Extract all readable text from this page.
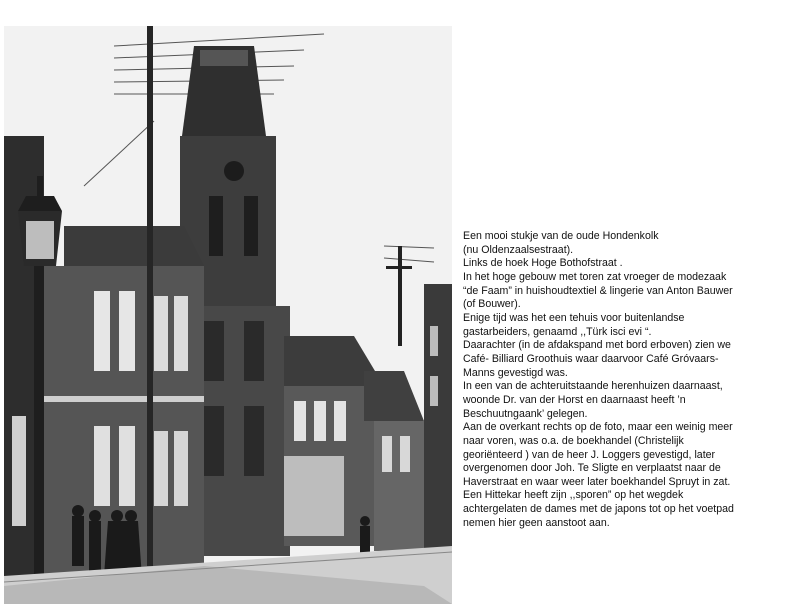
Een mooi stukje van de oude Hondenkolk
(nu Oldenzaalsestraat).
Links de hoek Hoge Bothofstraat .
In het hoge gebouw met toren zat vroeger de modezaak
“de Faam” in huishoudtextiel & lingerie van Anton Bauwer
(of Bouwer).
Enige tijd was het een tehuis voor buitenlandse
gastarbeiders, genaamd ,,Türk isci evi “.
Daarachter (in de afdakspand met bord erboven) zien we
Café- Billiard Groothuis waar daarvoor Café Gróvaars-
Manns gevestigd was.
In een van de achteruitstaande herenhuizen daarnaast,
woonde Dr. van der Horst en daarnaast heeft ’n
Beschuutngaank’ gelegen.
Aan de overkant rechts op de foto, maar een weinig meer
naar voren, was o.a. de boekhandel (Christelijk
georiënteerd ) van de heer J. Loggers gevestigd, later
overgenomen door Joh. Te Sligte en verplaatst naar de
Haverstraat en waar weer later boekhandel Spruyt in zat.
Een Hittekar heeft zijn ,,sporen” op het wegdek
achtergelaten de dames met de japons tot op het voetpad
nemen hier geen aanstoot aan.
